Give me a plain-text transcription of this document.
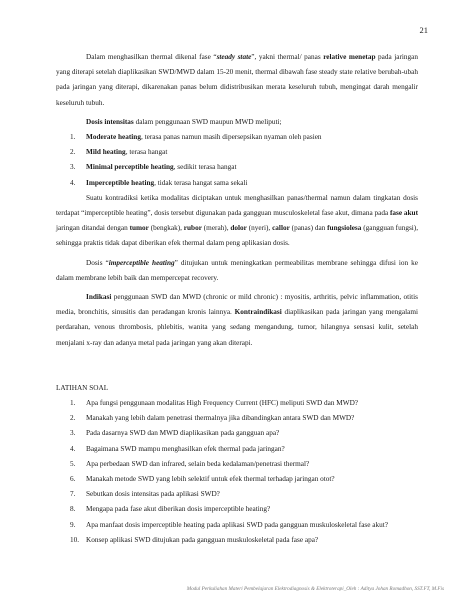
21

Dalam menghasilkan thermal dikenal fase “steady state”, yakni thermal/ panas relative menetap pada jaringan yang diterapi setelah diaplikasikan SWD/MWD dalam 15-20 menit, thermal dibawah fase steady state relative berubah-ubah pada jaringan yang diterapi, dikarenakan panas belum didistribusikan merata keseluruh tubuh, mengingat darah mengalir keseluruh tubuh.

Dosis intensitas dalam penggunaan SWD maupun MWD meliputi;

1. Moderate heating, terasa panas namun masih dipersepsikan nyaman oleh pasien
2. Mild heating, terasa hangat
3. Minimal perceptible heating, sedikit terasa hangat
4. Imperceptible heating, tidak terasa hangat sama sekali

Suatu kontradiksi ketika modalitas diciptakan untuk menghasilkan panas/thermal namun dalam tingkatan dosis terdapat “imperceptible heating”, dosis tersebut digunakan pada gangguan musculoskeletal fase akut, dimana pada fase akut jaringan ditandai dengan tumor (bengkak), rubor (merah), dolor (nyeri), callor (panas) dan fungsiolesa (gangguan fungsi), sehingga praktis tidak dapat diberikan efek thermal dalam peng aplikasian dosis.

Dosis “imperceptible heating” ditujukan untuk meningkatkan permeabilitas membrane sehingga difusi ion ke dalam membrane lebih baik dan mempercepat recovery.

Indikasi penggunaan SWD dan MWD (chronic or mild chronic) : myositis, arthritis, pelvic inflammation, otitis media, bronchitis, sinusitis dan peradangan kronis lainnya. Kontraindikasi diaplikasikan pada jaringan yang mengalami perdarahan, venous thrombosis, phlebitis, wanita yang sedang mengandung, tumor, hilangnya sensasi kulit, setelah menjalani x-ray dan adanya metal pada jaringan yang akan diterapi.

LATIHAN SOAL

1. Apa fungsi penggunaan modalitas High Frequency Current (HFC) meliputi SWD dan MWD?
2. Manakah yang lebih dalam penetrasi thermalnya jika dibandingkan antara SWD dan MWD?
3. Pada dasarnya SWD dan MWD diaplikasikan pada gangguan apa?
4. Bagaimana SWD mampu menghasilkan efek thermal pada jaringan?
5. Apa perbedaan SWD dan infrared, selain beda kedalaman/penetrasi thermal?
6. Manakah metode SWD yang lebih selektif untuk efek thermal terhadap jaringan otot?
7. Sebutkan dosis intensitas pada aplikasi SWD?
8. Mengapa pada fase akut diberikan dosis imperceptible heating?
9. Apa manfaat dosis imperceptible heating pada aplikasi SWD pada gangguan muskuloskeletal fase akut?
10. Konsep aplikasi SWD ditujukan pada gangguan muskuloskeletal pada fase apa?
Modul Perkuliahan Materi Pembelajaran Elektrodiagnosis & Elektroterapi_Oleh : Aditya Johan Romadhon, SST.FT, M.Fis
